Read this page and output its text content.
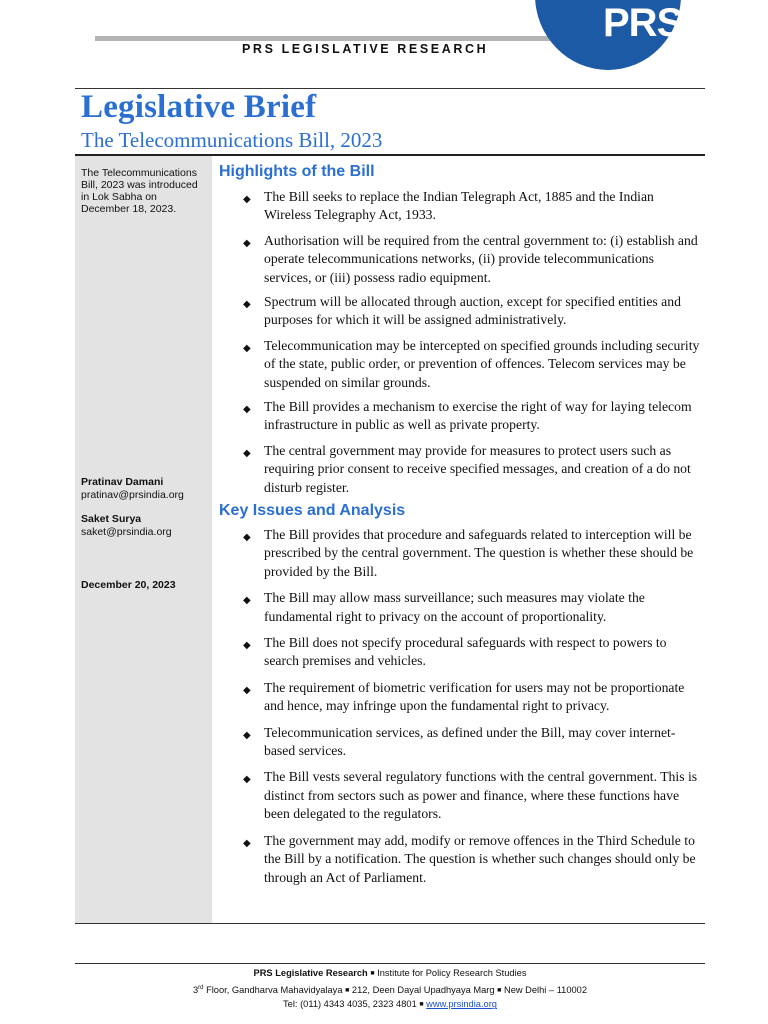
PRS
PRS LEGISLATIVE RESEARCH
Legislative Brief
The Telecommunications Bill, 2023
The Telecommunications Bill, 2023 was introduced in Lok Sabha on December 18, 2023.
Pratinav Damani
pratinav@prsindia.org
Saket Surya
saket@prsindia.org
December 20, 2023
Highlights of the Bill
◆ The Bill seeks to replace the Indian Telegraph Act, 1885 and the Indian Wireless Telegraphy Act, 1933.
◆ Authorisation will be required from the central government to: (i) establish and operate telecommunications networks, (ii) provide telecommunications services, or (iii) possess radio equipment.
◆ Spectrum will be allocated through auction, except for specified entities and purposes for which it will be assigned administratively.
◆ Telecommunication may be intercepted on specified grounds including security of the state, public order, or prevention of offences. Telecom services may be suspended on similar grounds.
◆ The Bill provides a mechanism to exercise the right of way for laying telecom infrastructure in public as well as private property.
◆ The central government may provide for measures to protect users such as requiring prior consent to receive specified messages, and creation of a do not disturb register.
Key Issues and Analysis
◆ The Bill provides that procedure and safeguards related to interception will be prescribed by the central government. The question is whether these should be provided by the Bill.
◆ The Bill may allow mass surveillance; such measures may violate the fundamental right to privacy on the account of proportionality.
◆ The Bill does not specify procedural safeguards with respect to powers to search premises and vehicles.
◆ The requirement of biometric verification for users may not be proportionate and hence, may infringe upon the fundamental right to privacy.
◆ Telecommunication services, as defined under the Bill, may cover internet-based services.
◆ The Bill vests several regulatory functions with the central government. This is distinct from sectors such as power and finance, where these functions have been delegated to the regulators.
◆ The government may add, modify or remove offences in the Third Schedule to the Bill by a notification. The question is whether such changes should only be through an Act of Parliament.
PRS Legislative Research ■ Institute for Policy Research Studies
3rd Floor, Gandharva Mahavidyalaya ■ 212, Deen Dayal Upadhyaya Marg ■ New Delhi – 110002
Tel: (011) 4343 4035, 2323 4801 ■ www.prsindia.org
